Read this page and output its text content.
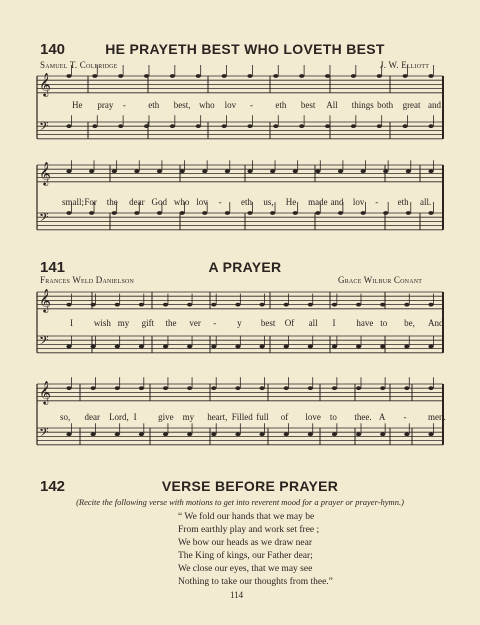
140	HE PRAYETH BEST WHO LOVETH BEST
Samuel T. Coleridge	J. W. Elliott
𝄞
𝄢
𝄞
𝄢
𝄞
𝄢
𝄞
𝄢
He pray - eth best, who lov - eth best All things both great and
small; For the dear God who lov - eth us, He made and lov - eth all.
141	A PRAYER
Frances Weld Danielson	Grace Wilbur Conant
I wish my gift the ver - y best Of all I have to be, And
so, dear Lord, I give my heart, Filled full of love to thee. A - men.
142	VERSE BEFORE PRAYER
(Recite the following verse with motions to get into reverent mood for a prayer or prayer-hymn.)
“ We fold our hands that we may be
From earthly play and work set free ;
We bow our heads as we draw near
The King of kings, our Father dear;
We close our eyes, that we may see
Nothing to take our thoughts from thee.”
114
